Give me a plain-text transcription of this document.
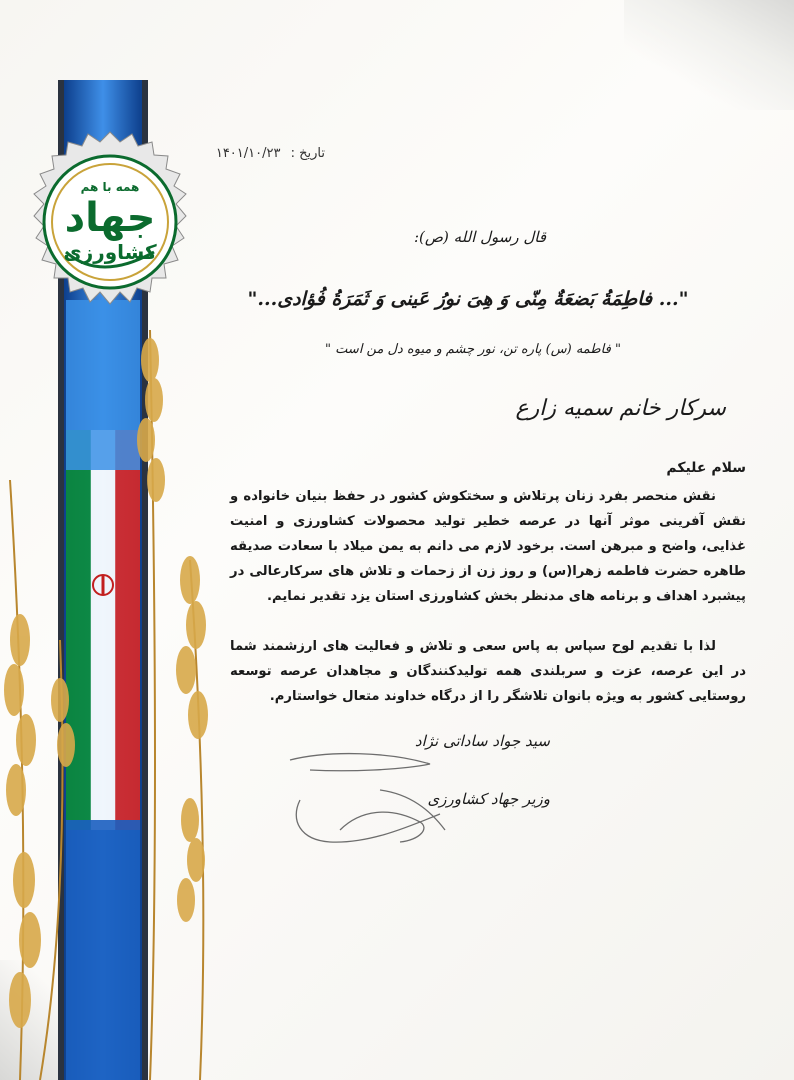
همه با هم
جهاد
کشاورزی
تاریخ : ۱۴۰۱/۱۰/۲۳
قال رسول الله (ص):
"... فاطِمَةُ بَضعَةٌ مِنّی وَ هِیَ نورُ عَینی وَ ثَمَرَةُ فُؤادی..."
" فاطمه (س) پاره تن، نور چشم و میوه دل من است "
سرکار خانم سمیه زارع
سلام علیکم
نقش منحصر بفرد زنان پرتلاش و سختکوش کشور در حفظ بنیان خانواده و نقش آفرینی موثر آنها در عرصه خطیر تولید محصولات کشاورزی و امنیت غذایی، واضح و مبرهن است. برخود لازم می دانم به یمن میلاد با سعادت صدیقه طاهره حضرت فاطمه زهرا(س) و روز زن از زحمات و تلاش های سرکارعالی در پیشبرد اهداف و برنامه های مدنظر بخش کشاورزی استان یزد تقدیر نمایم.
لذا با تقدیم لوح سپاس به پاس سعی و تلاش و فعالیت های ارزشمند شما در این عرصه، عزت و سربلندی همه تولیدکنندگان و مجاهدان عرصه توسعه روستایی کشور به ویژه بانوان تلاشگر را از درگاه خداوند متعال خواستارم.
سید جواد ساداتی نژاد
وزیر جهاد کشاورزی
